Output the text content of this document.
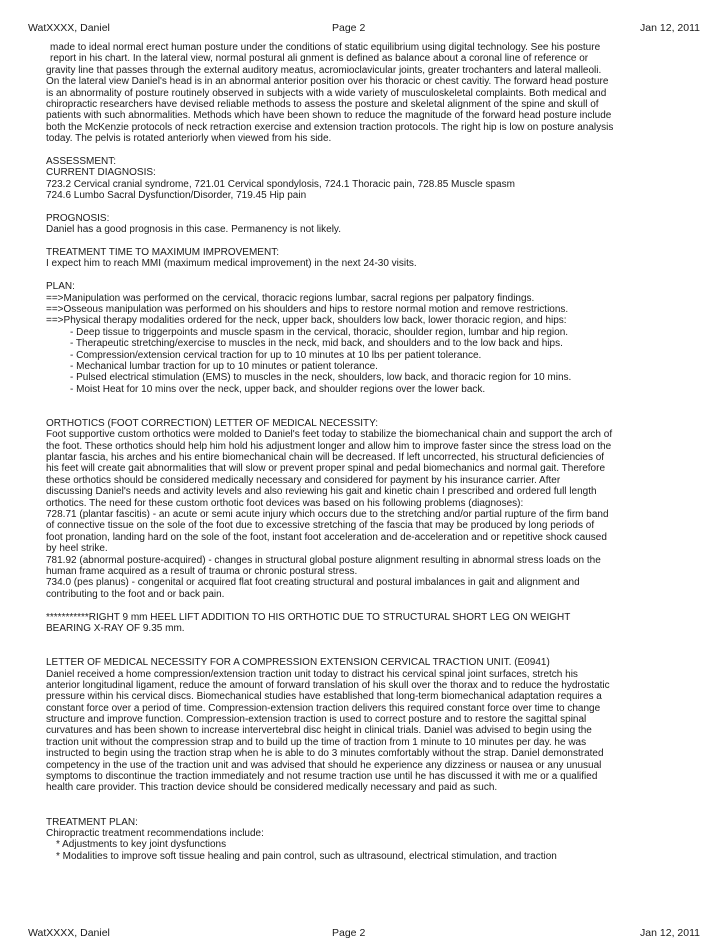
WatXXXX, Daniel	Page 2	Jan 12, 2011
made to ideal normal erect human posture under the conditions of static equilibrium using digital technology. See his posture
report in his chart. In the lateral view, normal postural ali gnment is defined as balance about a coronal line of reference or
gravity line that passes through the external auditory meatus, acromioclavicular joints, greater trochanters and lateral malleoli.
On the lateral view Daniel's head is in an abnormal anterior position over his thoracic or chest cavitiy. The forward head posture
is an abnormality of posture routinely observed in subjects with a wide variety of musculoskeletal complaints. Both medical and
chiropractic researchers have devised reliable methods to assess the posture and skeletal alignment of the spine and skull of
patients with such abnormalities. Methods which have been shown to reduce the magnitude of the forward head posture include
both the McKenzie protocols of neck retraction exercise and extension traction protocols. The right hip is low on posture analysis
today. The pelvis is rotated anteriorly when viewed from his side.
ASSESSMENT:
CURRENT DIAGNOSIS:
723.2 Cervical cranial syndrome, 721.01 Cervical spondylosis, 724.1 Thoracic pain, 728.85 Muscle spasm
724.6 Lumbo Sacral Dysfunction/Disorder, 719.45 Hip pain
PROGNOSIS:
Daniel has a good prognosis in this case. Permanency is not likely.
TREATMENT TIME TO MAXIMUM IMPROVEMENT:
I expect him to reach MMI (maximum medical improvement) in the next 24-30 visits.
PLAN:
==>Manipulation was performed on the cervical, thoracic regions lumbar, sacral regions per palpatory findings.
==>Osseous manipulation was performed on his shoulders and hips to restore normal motion and remove restrictions.
==>Physical therapy modalities ordered for the neck, upper back, shoulders low back, lower thoracic region, and hips:
- Deep tissue to triggerpoints and muscle spasm in the cervical, thoracic, shoulder region, lumbar and hip region.
- Therapeutic stretching/exercise to muscles in the neck, mid back, and shoulders and to the low back and hips.
- Compression/extension cervical traction for up to 10 minutes at 10 lbs per patient tolerance.
- Mechanical lumbar traction for up to 10 minutes or patient tolerance.
- Pulsed electrical stimulation (EMS) to muscles in the neck, shoulders, low back, and thoracic region for 10 mins.
- Moist Heat for 10 mins over the neck, upper back, and shoulder regions over the lower back.
ORTHOTICS (FOOT CORRECTION) LETTER OF MEDICAL NECESSITY:
Foot supportive custom orthotics were molded to Daniel's feet today to stabilize the biomechanical chain and support the arch of
the foot. These orthotics should help him hold his adjustment longer and allow him to improve faster since the stress load on the
plantar fascia, his arches and his entire biomechanical chain will be decreased. If left uncorrected, his structural deficiencies of
his feet will create gait abnormalities that will slow or prevent proper spinal and pedal biomechanics and normal gait. Therefore
these orthotics should be considered medically necessary and considered for payment by his insurance carrier. After
discussing Daniel's needs and activity levels and also reviewing his gait and kinetic chain I prescribed and ordered full length
orthotics. The need for these custom orthotic foot devices was based on his following problems (diagnoses):
728.71 (plantar fascitis) - an acute or semi acute injury which occurs due to the stretching and/or partial rupture of the firm band
of connective tissue on the sole of the foot due to excessive stretching of the fascia that may be produced by long periods of
foot pronation, landing hard on the sole of the foot, instant foot acceleration and de-acceleration and or repetitive shock caused
by heel strike.
781.92 (abnormal posture-acquired) - changes in structural global posture alignment resulting in abnormal stress loads on the
human frame acquired as a result of trauma or chronic postural stress.
734.0 (pes planus) - congenital or acquired flat foot creating structural and postural imbalances in gait and alignment and
contributing to the foot and or back pain.
***********RIGHT 9 mm HEEL LIFT ADDITION TO HIS ORTHOTIC DUE TO STRUCTURAL SHORT LEG ON WEIGHT
BEARING X-RAY OF 9.35 mm.
LETTER OF MEDICAL NECESSITY FOR A COMPRESSION EXTENSION CERVICAL TRACTION UNIT. (E0941)
Daniel received a home compression/extension traction unit today to distract his cervical spinal joint surfaces, stretch his
anterior longitudinal ligament, reduce the amount of forward translation of his skull over the thorax and to reduce the hydrostatic
pressure within his cervical discs. Biomechanical studies have established that long-term biomechanical adaptation requires a
constant force over a period of time. Compression-extension traction delivers this required constant force over time to change
structure and improve function. Compression-extension traction is used to correct posture and to restore the sagittal spinal
curvatures and has been shown to increase intervertebral disc height in clinical trials. Daniel was advised to begin using the
traction unit without the compression strap and to build up the time of traction from 1 minute to 10 minutes per day. he was
instructed to begin using the traction strap when he is able to do 3 minutes comfortably without the strap. Daniel demonstrated
competency in the use of the traction unit and was advised that should he experience any dizziness or nausea or any unusual
symptoms to discontinue the traction immediately and not resume traction use until he has discussed it with me or a qualified
health care provider. This traction device should be considered medically necessary and paid as such.
TREATMENT PLAN:
Chiropractic treatment recommendations include:
* Adjustments to key joint dysfunctions
* Modalities to improve soft tissue healing and pain control, such as ultrasound, electrical stimulation, and traction
WatXXXX, Daniel	Page 2	Jan 12, 2011
